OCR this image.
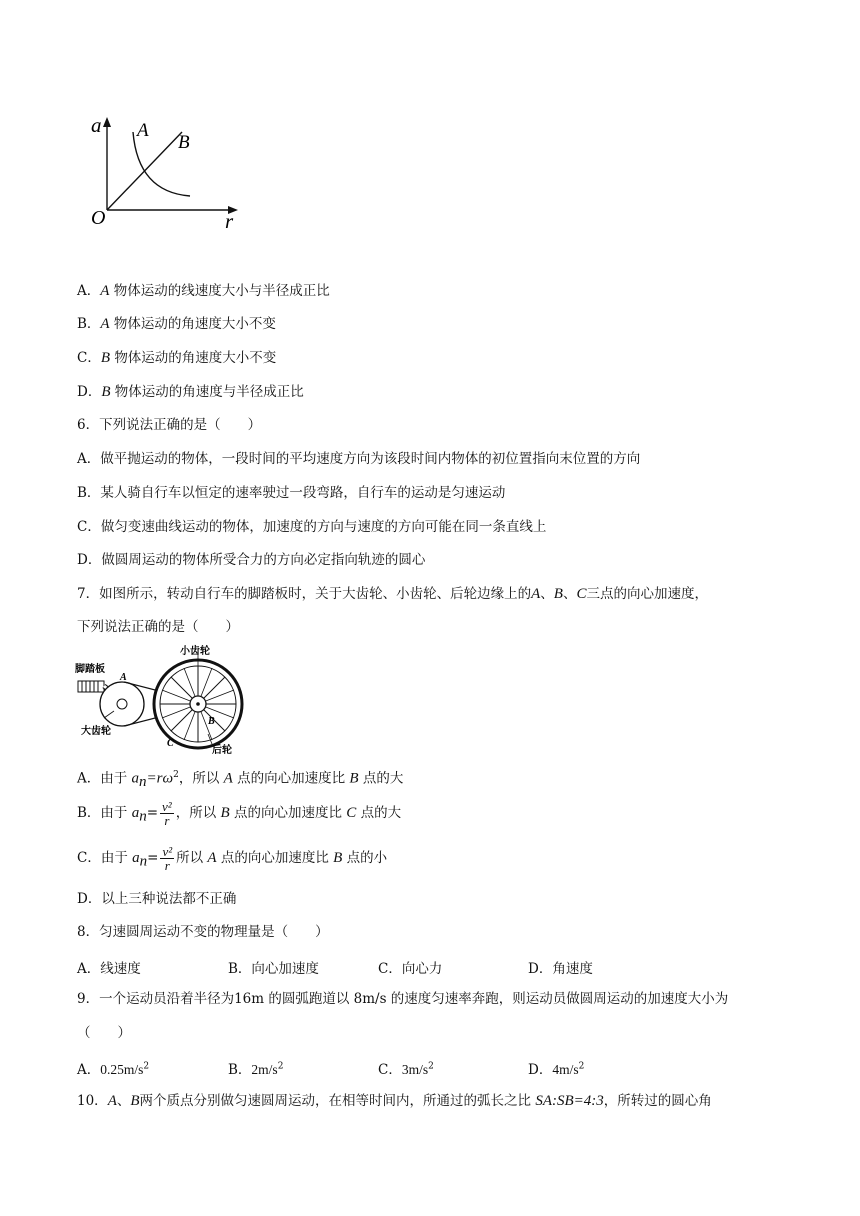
a
r
O
A
B
A．A 物体运动的线速度大小与半径成正比
B．A 物体运动的角速度大小不变
C．B 物体运动的角速度大小不变
D．B 物体运动的角速度与半径成正比
6．下列说法正确的是（　　）
A．做平抛运动的物体，一段时间的平均速度方向为该段时间内物体的初位置指向末位置的方向
B．某人骑自行车以恒定的速率驶过一段弯路，自行车的运动是匀速运动
C．做匀变速曲线运动的物体，加速度的方向与速度的方向可能在同一条直线上
D．做圆周运动的物体所受合力的方向必定指向轨迹的圆心
7．如图所示，转动自行车的脚踏板时，关于大齿轮、小齿轮、后轮边缘上的A、B、C三点的向心加速度，
下列说法正确的是（　　）
脚踏板
小齿轮
大齿轮
后轮
A
B
C
A．由于 $a_n=r\omega^2$，所以 A 点的向心加速度比 B 点的大
B．由于 $a_n= \frac{\text{v²}}{r}$ ，所以 B 点的向心加速度比 C 点的大
C．由于 $a_n= \frac{\text{v²}}{r}$ 所以 A 点的向心加速度比 B 点的小
D．以上三种说法都不正确
8．匀速圆周运动不变的物理量是（　　）
A．线速度	B．向心加速度	C．向心力	D．角速度
9．一个运动员沿着半径为16m 的圆弧跑道以 8m/s 的速度匀速率奔跑，则运动员做圆周运动的加速度大小为
（　　）
A．$0.25m/s^2$	B．$2m/s^2$	C．$3m/s^2$	D．$4m/s^2$
10．A、B两个质点分别做匀速圆周运动，在相等时间内，所通过的弧长之比 SA:SB=4:3，所转过的圆心角
